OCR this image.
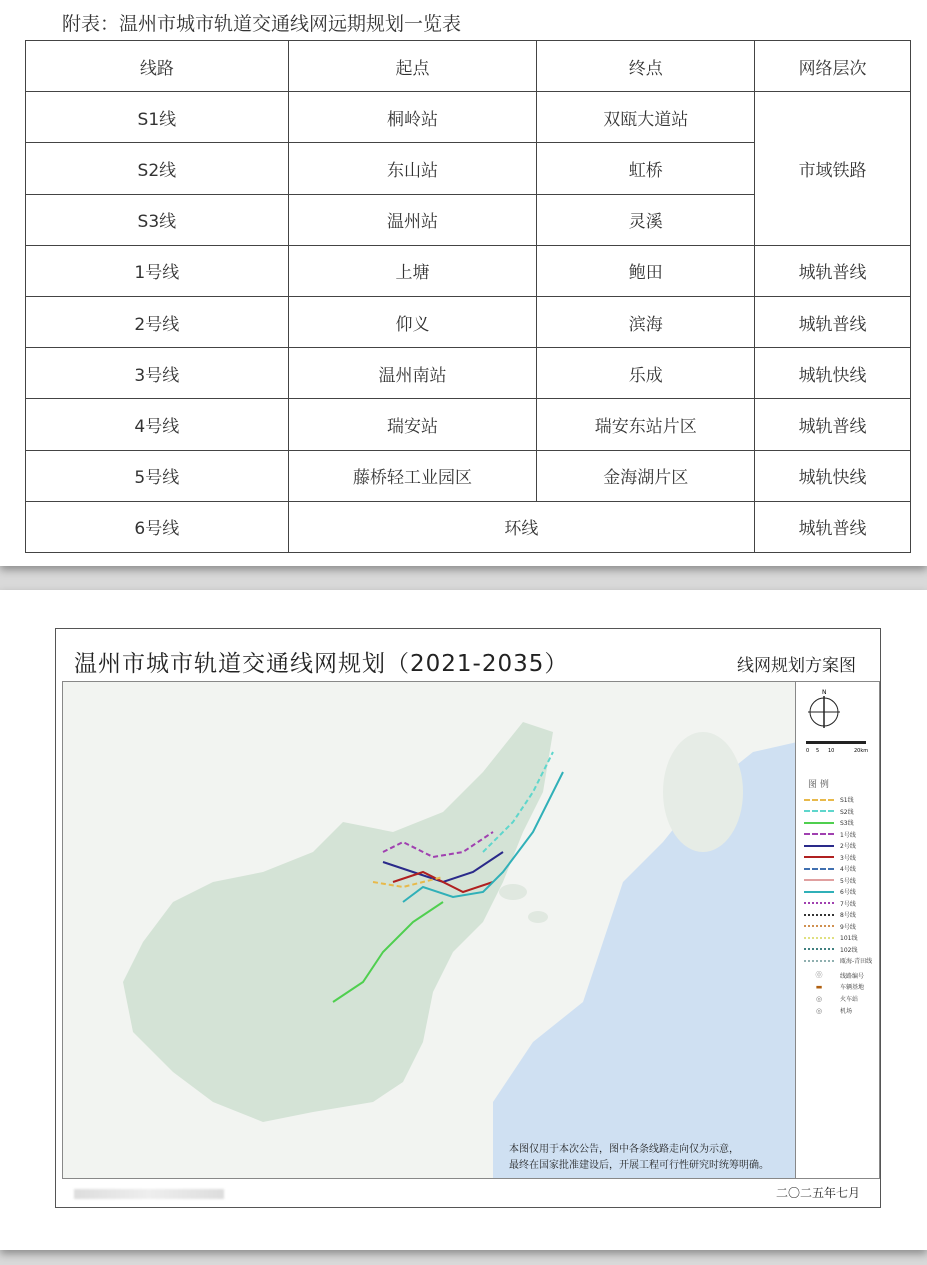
附表：温州市城市轨道交通线网远期规划一览表
线路	起点	终点	网络层次
S1线	桐岭站	双瓯大道站	市域铁路
S2线	东山站	虹桥	
S3线	温州站	灵溪	
1号线	上塘	鲍田	城轨普线
2号线	仰义	滨海	城轨普线
3号线	温州南站	乐成	城轨快线
4号线	瑞安站	瑞安东站片区	城轨普线
5号线	藤桥轻工业园区	金海湖片区	城轨快线
6号线	环线		城轨普线
温州市城市轨道交通线网规划（2021-2035）	线网规划方案图
本图仅用于本次公告，图中各条线路走向仅为示意，
最终在国家批准建设后，开展工程可行性研究时统筹明确。
N
0 5 10	20km
图 例
S1线
S2线
S3线
1号线
2号线
3号线
4号线
5号线
6号线
7号线
8号线
9号线
101线
102线
瓯海-青田线
⓪	线路编号
▬	车辆基地
◎	火车站
◎	机场
二〇二五年七月
